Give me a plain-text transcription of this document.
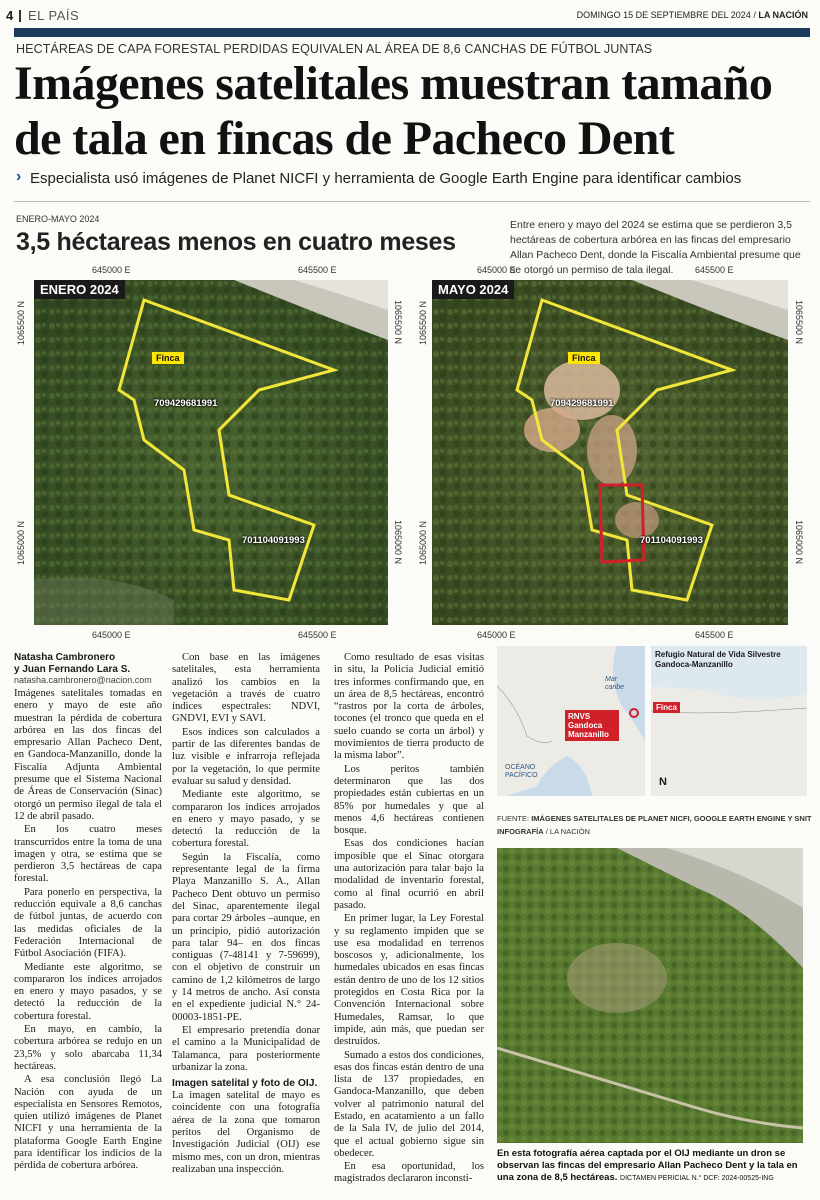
4 EL PAÍS	DOMINGO 15 DE SEPTIEMBRE DEL 2024 / LA NACIÓN
HECTÁREAS DE CAPA FORESTAL PERDIDAS EQUIVALEN AL ÁREA DE 8,6 CANCHAS DE FÚTBOL JUNTAS
Imágenes satelitales muestran tamaño
de tala en fincas de Pacheco Dent
› Especialista usó imágenes de Planet NICFI y herramienta de Google Earth Engine para identificar cambios
ENERO-MAYO 2024
3,5 héctareas menos en cuatro meses
Entre enero y mayo del 2024 se estima que se perdieron 3,5 hectáreas de cobertura arbórea en las fincas del empresario Allan Pacheco Dent, donde la Fiscalía Ambiental presume que se otorgó un permiso de tala ilegal.
645000 E	645500 E
645000 E	645500 E
1065500 N
1065000 N
1065500 N
1065000 N
645000 E	645500 E
645000 E	645500 E
1065500 N
1065000 N
1065500 N
1065000 N
ENERO 2024
Finca
709429681991
701104091993
MAYO 2024
Finca
709429681991
701104091993
Natasha Cambronero
y Juan Fernando Lara S.
natasha.cambronero@nacion.com

Imágenes satelitales tomadas en enero y mayo de este año muestran la pérdida de cobertura arbórea en las dos fincas del empresario Allan Pacheco Dent, en Gandoca-Manzanillo, donde la Fiscalía Adjunta Ambiental presume que el Sistema Nacional de Áreas de Conservación (Sinac) otorgó un permiso ilegal de tala el 12 de abril pasado.

En los cuatro meses transcurridos entre la toma de una imagen y otra, se estima que se perdieron 3,5 hectáreas de capa forestal.

Para ponerlo en perspectiva, la reducción equivale a 8,6 canchas de fútbol juntas, de acuerdo con las medidas oficiales de la Federación Internacional de Fútbol Asociación (FIFA).

Mediante este algoritmo, se compararon los índices arrojados en enero y mayo pasados, y se detectó la reducción de la cobertura forestal.

En mayo, en cambio, la cobertura arbórea se redujo en un 23,5% y solo abarcaba 11,34 hectáreas.

A esa conclusión llegó La Nación con ayuda de un especialista en Sensores Remotos, quien utilizó imágenes de Planet NICFI y una herramienta de la plataforma Google Earth Engine para identificar los indicios de la pérdida de cobertura arbórea.

Con base en las imágenes satelitales, esta herramienta analizó los cambios en la vegetación a través de cuatro índices espectrales: NDVI, GNDVI, EVI y SAVI.

Esos índices son calculados a partir de las diferentes bandas de luz visible e infrarroja reflejada por la vegetación, lo que permite evaluar su salud y densidad.

Mediante este algoritmo, se compararon los índices arrojados en enero y mayo pasado, y se detectó la reducción de la cobertura forestal.

Según la Fiscalía, como representante legal de la firma Playa Manzanillo S. A., Allan Pacheco Dent obtuvo un permiso del Sinac, aparentemente ilegal para cortar 29 árboles –aunque, en un principio, pidió autorización para talar 94– en dos fincas contiguas (7-48141 y 7-59699), con el objetivo de construir un camino de 1,2 kilómetros de largo y 14 metros de ancho. Así consta en el expediente judicial N.° 24-00003-1851-PE.

El empresario pretendía donar el camino a la Municipalidad de Talamanca, para posteriormente urbanizar la zona.

Imagen satelital y foto de OIJ.

La imagen satelital de mayo es coincidente con una fotografía aérea de la zona que tomaron peritos del Organismo de Investigación Judicial (OIJ) ese mismo mes, con un dron, mientras realizaban una inspección.

Como resultado de esas visitas in situ, la Policía Judicial emitió tres informes confirmando que, en un área de 8,5 hectáreas, encontró “rastros por la corta de árboles, tocones (el tronco que queda en el suelo cuando se corta un árbol) y movimientos de tierra producto de la misma labor”.

Los peritos también determinaron que las dos propiedades están cubiertas en un 85% por humedales y que al menos 4,6 hectáreas contienen bosque.

Esas dos condiciones hacían imposible que el Sinac otorgara una autorización para talar bajo la modalidad de inventario forestal, como al final ocurrió en abril pasado.

En primer lugar, la Ley Forestal y su reglamento impiden que se use esa modalidad en terrenos boscosos y, adicionalmente, los humedales ubicados en esas fincas están dentro de uno de los 12 sitios protegidos en Costa Rica por la Convención Internacional sobre Humedales, Ramsar, lo que impide, aún más, que puedan ser destruidos.

Sumado a estos dos condiciones, esas dos fincas están dentro de una lista de 137 propiedades, en Gandoca-Manzanillo, que deben volver al patrimonio natural del Estado, en acatamiento a un fallo de la Sala IV, de julio del 2014, que el actual gobierno sigue sin obedecer.

En esa oportunidad, los magistrados declararon inconsti-

Mar caribe
OCÉANO PACÍFICO
RNVS Gandoca Manzanillo
Refugio Natural de Vida Silvestre Gandoca-Manzanillo
Finca
N
FUENTE: IMÁGENES SATELITALES DE PLANET NICFI, GOOGLE EARTH ENGINE Y SNIT
INFOGRAFÍA / LA NACIÓN
En esta fotografía aérea captada por el OIJ mediante un dron se observan las fincas del empresario Allan Pacheco Dent y la tala en una zona de 8,5 hectáreas. DICTAMEN PERICIAL N.° DCF: 2024-00525-ING
